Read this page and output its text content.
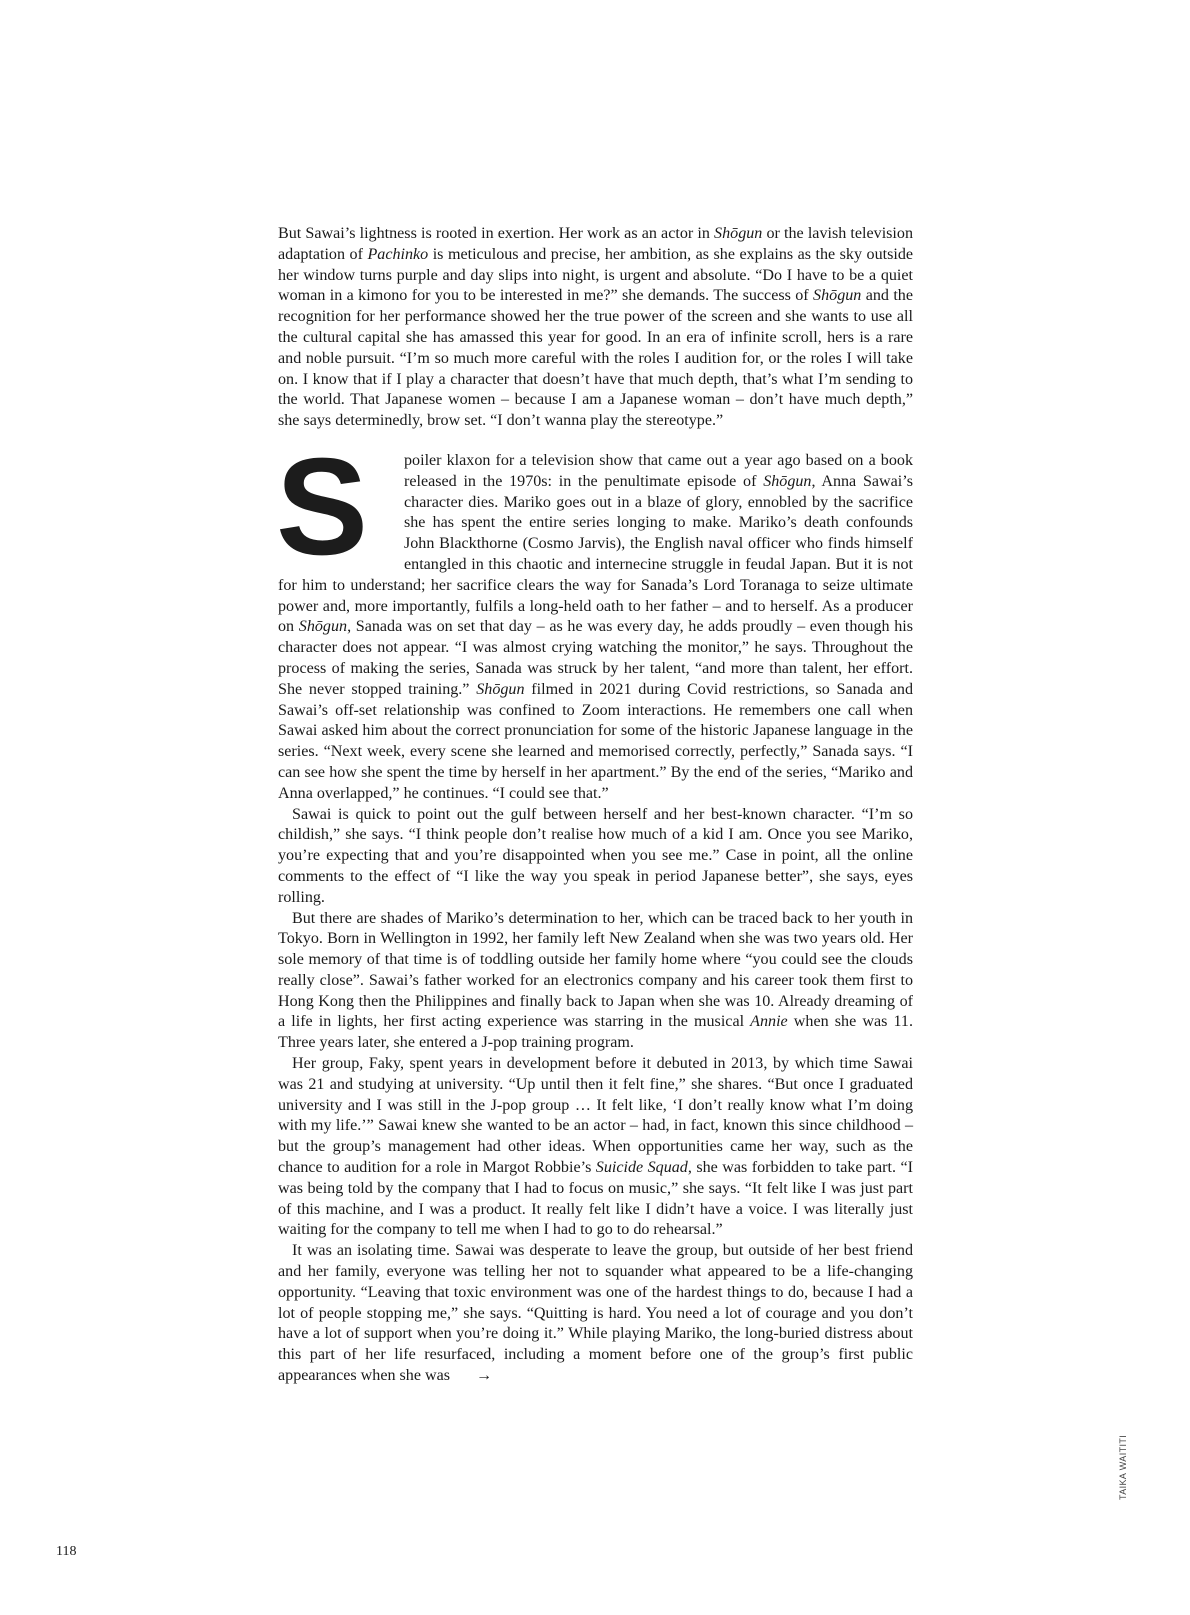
But Sawai’s lightness is rooted in exertion. Her work as an actor in Shōgun or the lavish television adaptation of Pachinko is meticulous and precise, her ambition, as she explains as the sky outside her window turns purple and day slips into night, is urgent and absolute. “Do I have to be a quiet woman in a kimono for you to be interested in me?” she demands. The success of Shōgun and the recognition for her performance showed her the true power of the screen and she wants to use all the cultural capital she has amassed this year for good. In an era of infinite scroll, hers is a rare and noble pursuit. “I’m so much more careful with the roles I audition for, or the roles I will take on. I know that if I play a character that doesn’t have that much depth, that’s what I’m sending to the world. That Japanese women – because I am a Japanese woman – don’t have much depth,” she says determinedly, brow set. “I don’t wanna play the stereotype.”

S	poiler klaxon for a television show that came out a year ago based on a book released in the 1970s: in the penultimate episode of Shōgun, Anna Sawai’s character dies. Mariko goes out in a blaze of glory, ennobled by the sacrifice she has spent the entire series longing to make. Mariko’s death confounds John Blackthorne (Cosmo Jarvis), the English naval officer who finds himself entangled in this chaotic and internecine struggle in feudal Japan. But it is not for him to understand; her sacrifice clears the way for Sanada’s Lord Toranaga to seize ultimate power and, more importantly, fulfils a long-held oath to her father – and to herself. As a producer on Shōgun, Sanada was on set that day – as he was every day, he adds proudly – even though his character does not appear. “I was almost crying watching the monitor,” he says. Throughout the process of making the series, Sanada was struck by her talent, “and more than talent, her effort. She never stopped training.” Shōgun filmed in 2021 during Covid restrictions, so Sanada and Sawai’s off-set relationship was confined to Zoom interactions. He remembers one call when Sawai asked him about the correct pronunciation for some of the historic Japanese language in the series. “Next week, every scene she learned and memorised correctly, perfectly,” Sanada says. “I can see how she spent the time by herself in her apartment.” By the end of the series, “Mariko and Anna overlapped,” he continues. “I could see that.”

Sawai is quick to point out the gulf between herself and her best-known character. “I’m so childish,” she says. “I think people don’t realise how much of a kid I am. Once you see Mariko, you’re expecting that and you’re disappointed when you see me.” Case in point, all the online comments to the effect of “I like the way you speak in period Japanese better”, she says, eyes rolling.

But there are shades of Mariko’s determination to her, which can be traced back to her youth in Tokyo. Born in Wellington in 1992, her family left New Zealand when she was two years old. Her sole memory of that time is of toddling outside her family home where “you could see the clouds really close”. Sawai’s father worked for an electronics company and his career took them first to Hong Kong then the Philippines and finally back to Japan when she was 10. Already dreaming of a life in lights, her first acting experience was starring in the musical Annie when she was 11. Three years later, she entered a J-pop training program.

Her group, Faky, spent years in development before it debuted in 2013, by which time Sawai was 21 and studying at university. “Up until then it felt fine,” she shares. “But once I graduated university and I was still in the J-pop group … It felt like, ‘I don’t really know what I’m doing with my life.’” Sawai knew she wanted to be an actor – had, in fact, known this since childhood – but the group’s management had other ideas. When opportunities came her way, such as the chance to audition for a role in Margot Robbie’s Suicide Squad, she was forbidden to take part. “I was being told by the company that I had to focus on music,” she says. “It felt like I was just part of this machine, and I was a product. It really felt like I didn’t have a voice. I was literally just waiting for the company to tell me when I had to go to do rehearsal.”

It was an isolating time. Sawai was desperate to leave the group, but outside of her best friend and her family, everyone was telling her not to squander what appeared to be a life-changing opportunity. “Leaving that toxic environment was one of the hardest things to do, because I had a lot of people stopping me,” she says. “Quitting is hard. You need a lot of courage and you don’t have a lot of support when you’re doing it.” While playing Mariko, the long-buried distress about this part of her life resurfaced, including a moment before one of the group’s first public appearances when she was →

118
TAIKA WAITITI
